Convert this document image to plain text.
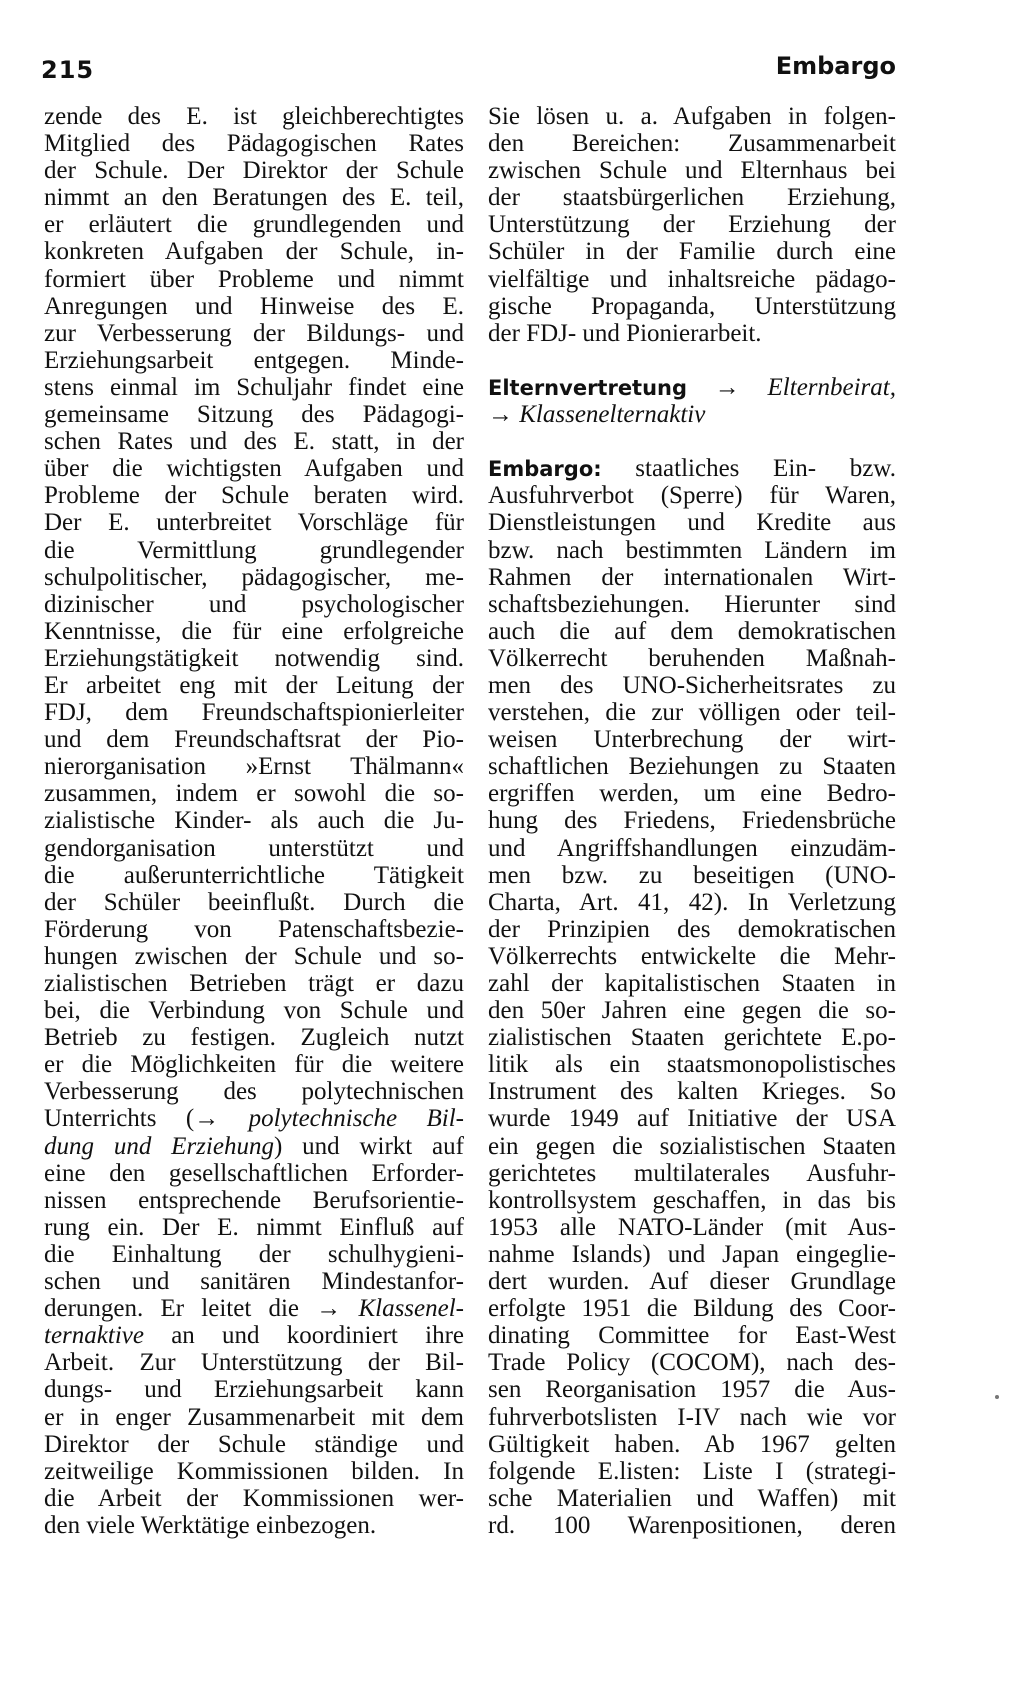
215	Embargo
zende des E. ist gleichberechtigtes
Mitglied des Pädagogischen Rates
der Schule. Der Direktor der Schule
nimmt an den Beratungen des E. teil,
er erläutert die grundlegenden und
konkreten Aufgaben der Schule, in-
formiert über Probleme und nimmt
Anregungen und Hinweise des E.
zur Verbesserung der Bildungs- und
Erziehungsarbeit entgegen. Minde-
stens einmal im Schuljahr findet eine
gemeinsame Sitzung des Pädagogi-
schen Rates und des E. statt, in der
über die wichtigsten Aufgaben und
Probleme der Schule beraten wird.
Der E. unterbreitet Vorschläge für
die Vermittlung grundlegender
schulpolitischer, pädagogischer, me-
dizinischer und psychologischer
Kenntnisse, die für eine erfolgreiche
Erziehungstätigkeit notwendig sind.
Er arbeitet eng mit der Leitung der
FDJ, dem Freundschaftspionierleiter
und dem Freundschaftsrat der Pio-
nierorganisation »Ernst Thälmann«
zusammen, indem er sowohl die so-
zialistische Kinder- als auch die Ju-
gendorganisation unterstützt und
die außerunterrichtliche Tätigkeit
der Schüler beeinflußt. Durch die
Förderung von Patenschaftsbezie-
hungen zwischen der Schule und so-
zialistischen Betrieben trägt er dazu
bei, die Verbindung von Schule und
Betrieb zu festigen. Zugleich nutzt
er die Möglichkeiten für die weitere
Verbesserung des polytechnischen
Unterrichts (→ polytechnische Bil-
dung und Erziehung) und wirkt auf
eine den gesellschaftlichen Erforder-
nissen entsprechende Berufsorientie-
rung ein. Der E. nimmt Einfluß auf
die Einhaltung der schulhygieni-
schen und sanitären Mindestanfor-
derungen. Er leitet die → Klassenel-
ternaktive an und koordiniert ihre
Arbeit. Zur Unterstützung der Bil-
dungs- und Erziehungsarbeit kann
er in enger Zusammenarbeit mit dem
Direktor der Schule ständige und
zeitweilige Kommissionen bilden. In
die Arbeit der Kommissionen wer-
den viele Werktätige einbezogen.
Sie lösen u. a. Aufgaben in folgen-
den Bereichen: Zusammenarbeit
zwischen Schule und Elternhaus bei
der staatsbürgerlichen Erziehung,
Unterstützung der Erziehung der
Schüler in der Familie durch eine
vielfältige und inhaltsreiche pädago-
gische Propaganda, Unterstützung
der FDJ- und Pionierarbeit.
Elternvertretung → Elternbeirat,
→ Klassenelternaktiv
Embargo: staatliches Ein- bzw.
Ausfuhrverbot (Sperre) für Waren,
Dienstleistungen und Kredite aus
bzw. nach bestimmten Ländern im
Rahmen der internationalen Wirt-
schaftsbeziehungen. Hierunter sind
auch die auf dem demokratischen
Völkerrecht beruhenden Maßnah-
men des UNO-Sicherheitsrates zu
verstehen, die zur völligen oder teil-
weisen Unterbrechung der wirt-
schaftlichen Beziehungen zu Staaten
ergriffen werden, um eine Bedro-
hung des Friedens, Friedensbrüche
und Angriffshandlungen einzudäm-
men bzw. zu beseitigen (UNO-
Charta, Art. 41, 42). In Verletzung
der Prinzipien des demokratischen
Völkerrechts entwickelte die Mehr-
zahl der kapitalistischen Staaten in
den 50er Jahren eine gegen die so-
zialistischen Staaten gerichtete E.po-
litik als ein staatsmonopolistisches
Instrument des kalten Krieges. So
wurde 1949 auf Initiative der USA
ein gegen die sozialistischen Staaten
gerichtetes multilaterales Ausfuhr-
kontrollsystem geschaffen, in das bis
1953 alle NATO-Länder (mit Aus-
nahme Islands) und Japan eingeglie-
dert wurden. Auf dieser Grundlage
erfolgte 1951 die Bildung des Coor-
dinating Committee for East-West
Trade Policy (COCOM), nach des-
sen Reorganisation 1957 die Aus-
fuhrverbotslisten I-IV nach wie vor
Gültigkeit haben. Ab 1967 gelten
folgende E.listen: Liste I (strategi-
sche Materialien und Waffen) mit
rd. 100 Warenpositionen, deren
